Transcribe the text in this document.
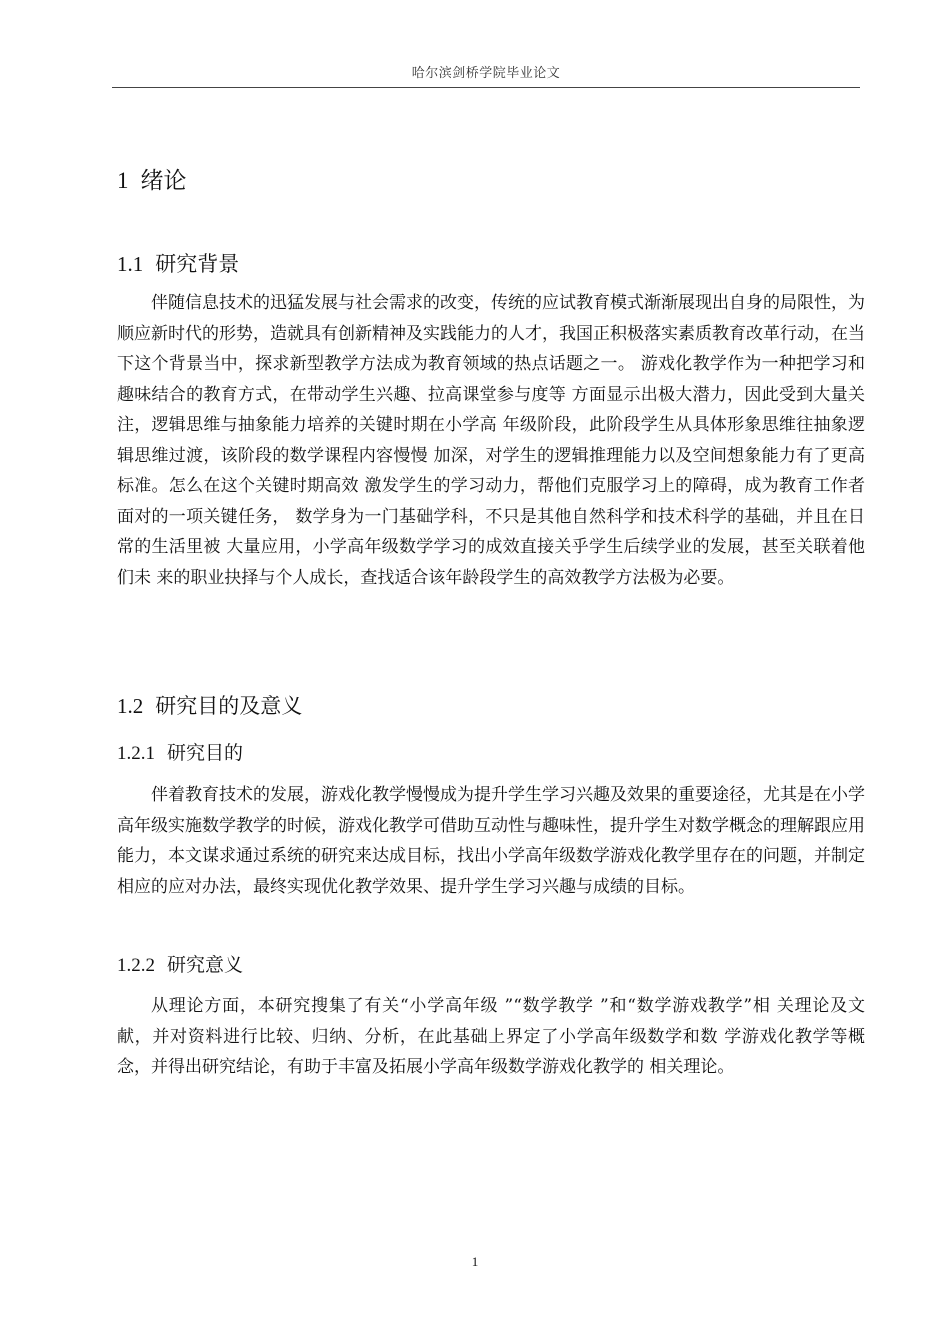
哈尔滨剑桥学院毕业论文
1 绪论
1.1 研究背景
伴随信息技术的迅猛发展与社会需求的改变，传统的应试教育模式渐渐展现出自身的局限性，为顺应新时代的形势，造就具有创新精神及实践能力的人才，我国正积极落实素质教育改革行动，在当下这个背景当中，探求新型教学方法成为教育领域的热点话题之一。 游戏化教学作为一种把学习和趣味结合的教育方式，在带动学生兴趣、拉高课堂参与度等 方面显示出极大潜力，因此受到大量关注，逻辑思维与抽象能力培养的关键时期在小学高 年级阶段，此阶段学生从具体形象思维往抽象逻辑思维过渡，该阶段的数学课程内容慢慢 加深，对学生的逻辑推理能力以及空间想象能力有了更高标准。怎么在这个关键时期高效 激发学生的学习动力，帮他们克服学习上的障碍，成为教育工作者面对的一项关键任务， 数学身为一门基础学科，不只是其他自然科学和技术科学的基础，并且在日常的生活里被 大量应用，小学高年级数学学习的成效直接关乎学生后续学业的发展，甚至关联着他们未 来的职业抉择与个人成长，查找适合该年龄段学生的高效教学方法极为必要。
1.2 研究目的及意义
1.2.1 研究目的
伴着教育技术的发展，游戏化教学慢慢成为提升学生学习兴趣及效果的重要途径，尤其是在小学高年级实施数学教学的时候，游戏化教学可借助互动性与趣味性，提升学生对数学概念的理解跟应用能力，本文谋求通过系统的研究来达成目标，找出小学高年级数学游戏化教学里存在的问题，并制定相应的应对办法，最终实现优化教学效果、提升学生学习兴趣与成绩的目标。
1.2.2 研究意义
从理论方面，本研究搜集了有关“小学高年级 ”“数学教学 ”和“数学游戏教学”相 关理论及文献，并对资料进行比较、归纳、分析，在此基础上界定了小学高年级数学和数 学游戏化教学等概念，并得出研究结论，有助于丰富及拓展小学高年级数学游戏化教学的 相关理论。
1
